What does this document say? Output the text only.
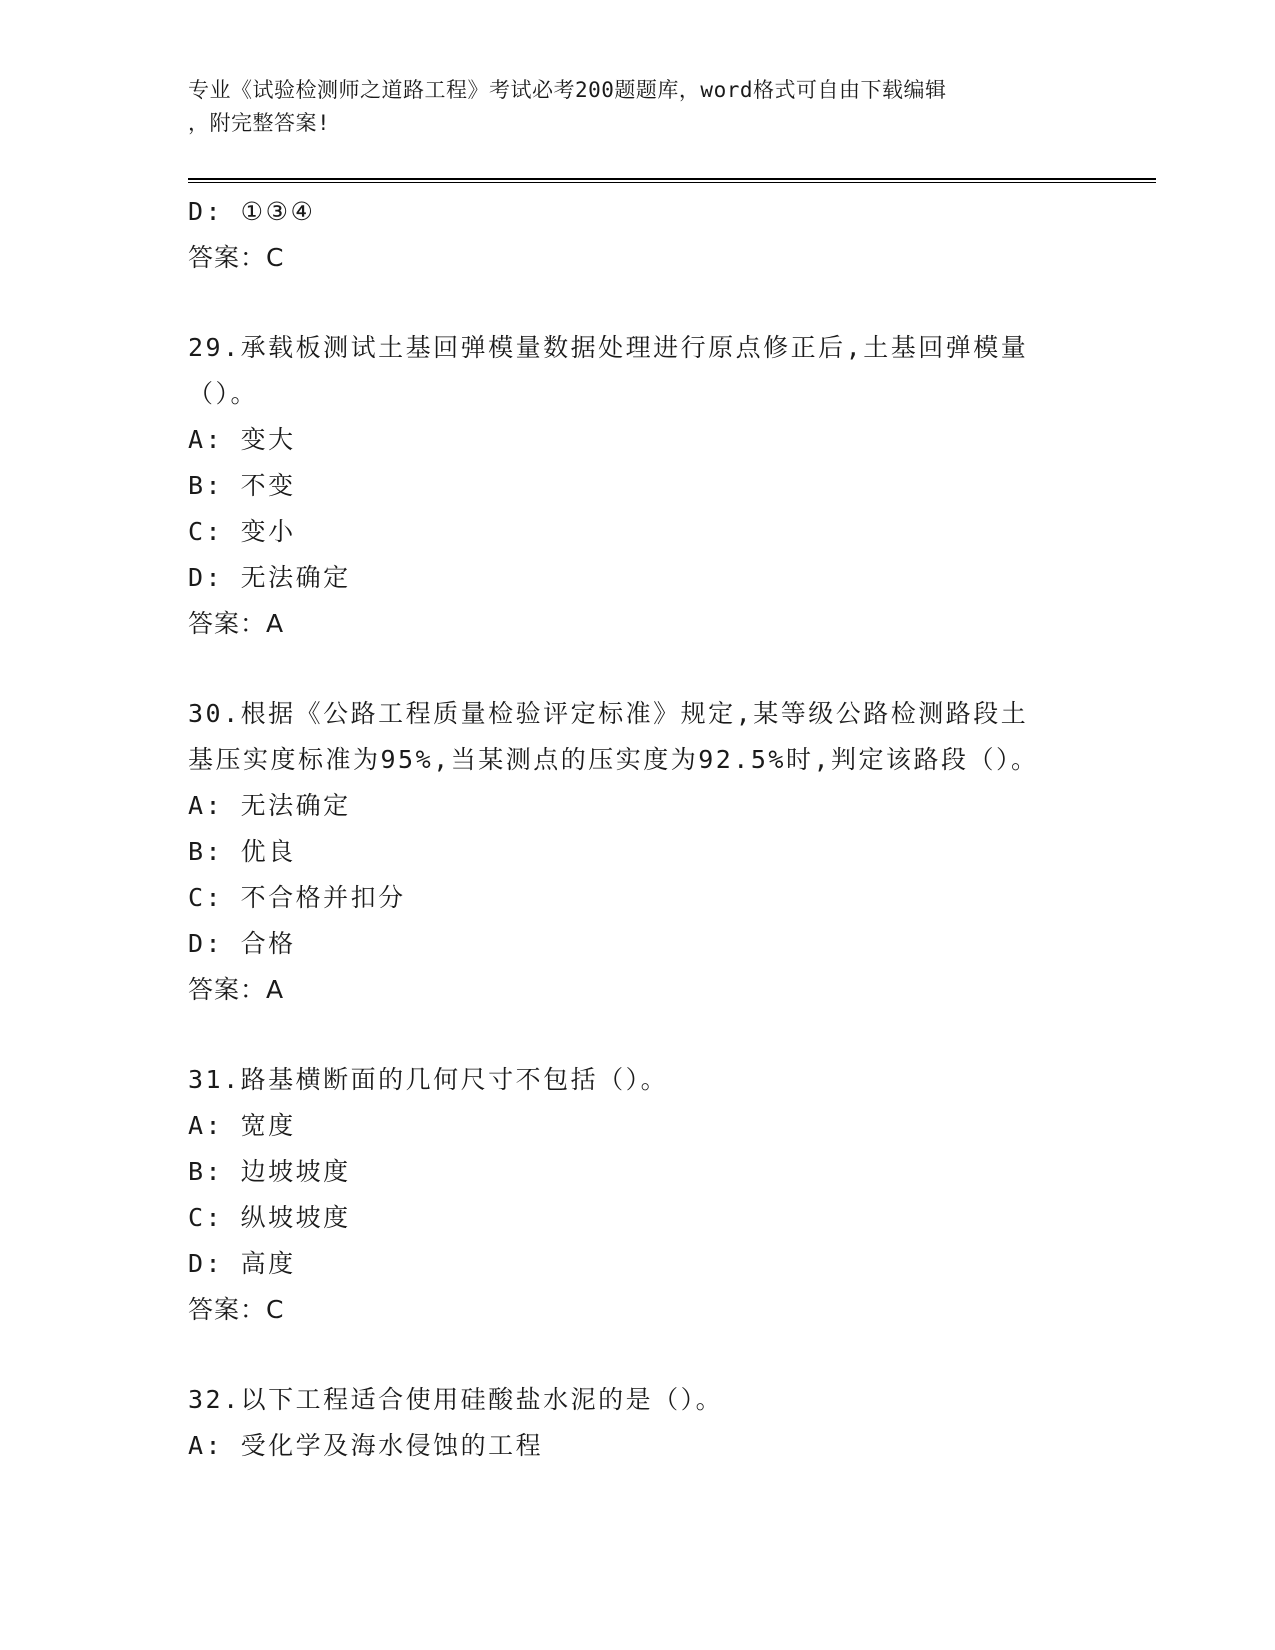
专业《试验检测师之道路工程》考试必考200题题库，word格式可自由下载编辑
，附完整答案!
D: ①③④
答案：C
29.承载板测试土基回弹模量数据处理进行原点修正后,土基回弹模量
（）。
A: 变大
B: 不变
C: 变小
D: 无法确定
答案：A
30.根据《公路工程质量检验评定标准》规定,某等级公路检测路段土
基压实度标准为95%,当某测点的压实度为92.5%时,判定该路段（）。
A: 无法确定
B: 优良
C: 不合格并扣分
D: 合格
答案：A
31.路基横断面的几何尺寸不包括（）。
A: 宽度
B: 边坡坡度
C: 纵坡坡度
D: 高度
答案：C
32.以下工程适合使用硅酸盐水泥的是（）。
A: 受化学及海水侵蚀的工程
